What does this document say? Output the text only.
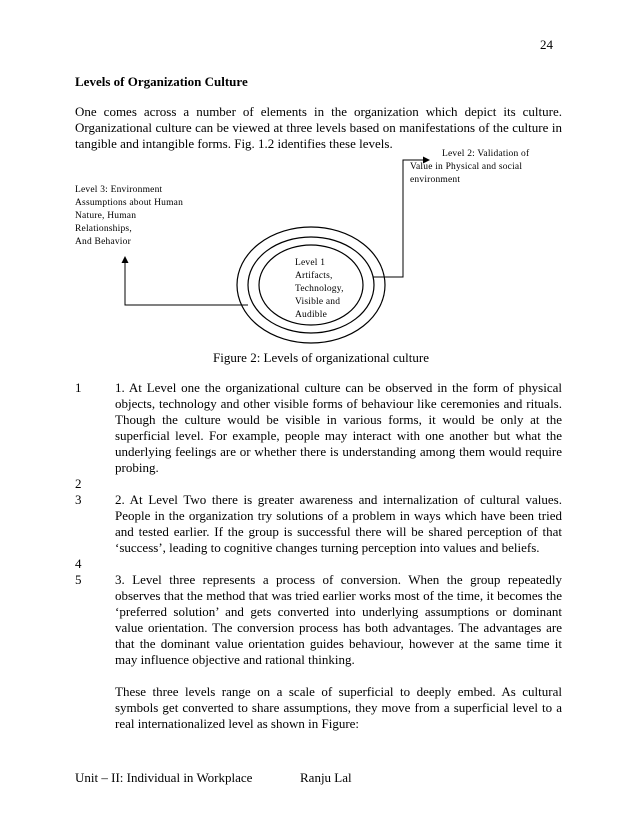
24
Levels of Organization Culture

One comes across a number of elements in the organization which depict its culture. Organizational culture can be viewed at three levels based on manifestations of the culture in tangible and intangible forms. Fig. 1.2 identifies these levels.

Level 2: Validation of
Value in Physical and social
environment
Level 3: Environment
Assumptions about Human
Nature, Human
Relationships,
And Behavior
Level 1
Artifacts,
Technology,
Visible and
Audible
Figure 2: Levels of organizational culture
1	1. At Level one the organizational culture can be observed in the form of physical objects, technology and other visible forms of behaviour like ceremonies and rituals. Though the culture would be visible in various forms, it would be only at the superficial level. For example, people may interact with one another but what the underlying feelings are or whether there is understanding among them would require probing.
2

3	2. At Level Two there is greater awareness and internalization of cultural values. People in the organization try solutions of a problem in ways which have been tried and tested earlier. If the group is successful there will be shared perception of that ‘success’, leading to cognitive changes turning perception into values and beliefs.
4

5	3. Level three represents a process of conversion. When the group repeatedly observes that the method that was tried earlier works most of the time, it becomes the ‘preferred solution’ and gets converted into underlying assumptions or dominant value orientation. The conversion process has both advantages. The advantages are that the dominant value orientation guides behaviour, however at the same time it may influence objective and rational thinking.

These three levels range on a scale of superficial to deeply embed. As cultural symbols get converted to share assumptions, they move from a superficial level to a real internationalized level as shown in Figure:
Unit – II: Individual in Workplace	Ranju Lal
